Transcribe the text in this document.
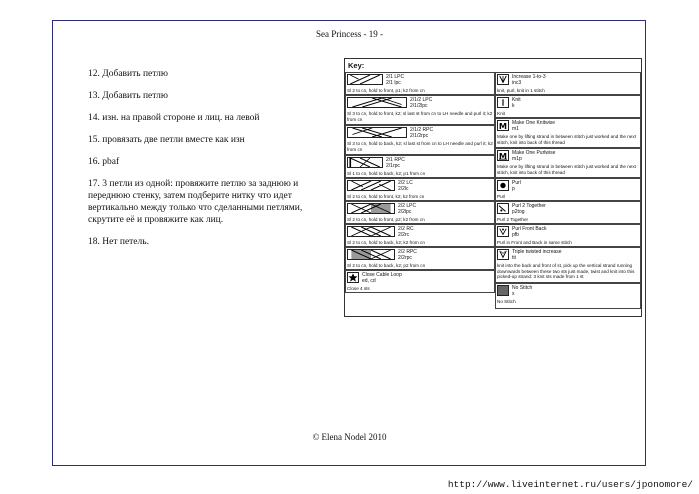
Sea Princess - 19 -
12. Добавить петлю
13. Добавить петлю
14. изн. на правой стороне и лиц. на левой
15. провязать две петли вместе как изн
16. pbaf
17. 3 петли из одной: провяжите петлю за заднюю и переднюю стенку, затем подберите нитку что идет вертикально между только что сделанными петлями, скрутите её и провяжите как лиц.
18. Нет петель.
Key:
2/1 LPC
2/1 lpc
Sl 2 to cn, hold to front, p1; k2 from cn
2/1/2 LPC
2/1/2lpc
Sl 3 to cn, hold to front, k2; sl last st from cn to LH needle and purl it; k2 from cn
2/1/2 RPC
2/1/2rpc
Sl 3 to cn, hold to back, k2; sl last st from cn to LH needle and purl it; k2 from cn
2/1 RPC
2/1rpc
Sl 1 to cn, hold to back, k2; p1 from cn
2/2 LC
2/2lc
Sl 2 to cn, hold to front, k2; k2 from cn
2/2 LPC
2/2lpc
Sl 2 to cn, hold to front, p2; k2 from cn
2/2 RC
2/2rc
Sl 2 to cn, hold to back, k2; k2 from cn
2/2 RPC
2/2rpc
Sl 2 to cn, hold to back, k2; p2 from cn
Close Cable Loop
ed, cd
Close 4 sts
Increase 1-to-3
inc3
knit, purl, knit in 1 stitch
Knit
k
Knit
M Make One Knitwise
m1
Make one by lifting strand in between stitch just worked and the next stitch, knit into back of this thread
M Make One Purlwise
m1p
Make one by lifting strand in between stitch just worked and the next stitch, knit into back of this thread
Purl
p
Purl
Purl 2 Together
p2tog
Purl 2 Together
Purl Front Back
pfb
Purl in Front and Back in same stitch
Triple twisted increase
tti
knit into the back and front of st, pick up the vertical strand running downwards between these two sts just made, twist and knit into this picked-up strand: 3 knit sts made from 1 st
No Stitch
x
No Stitch
© Elena Nodel 2010
http://www.liveinternet.ru/users/jponomore/
